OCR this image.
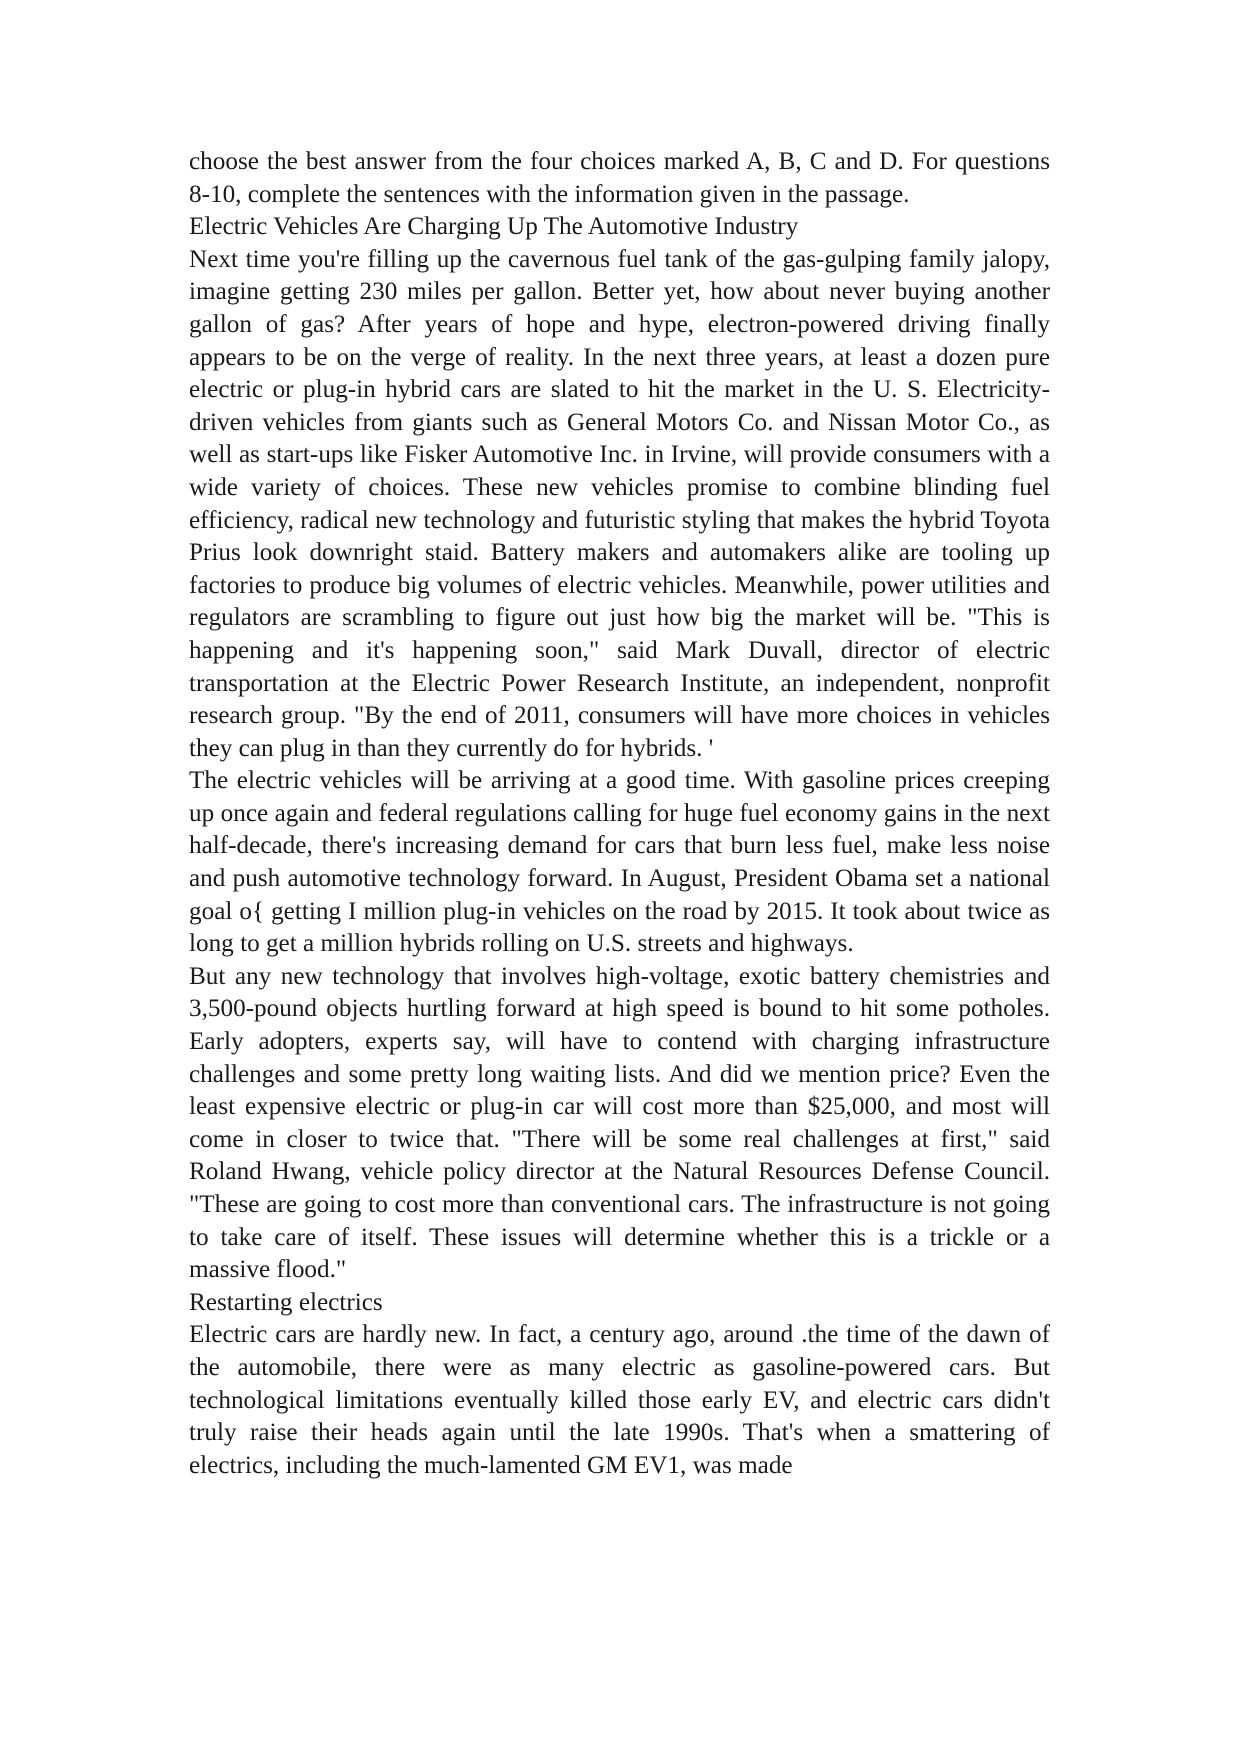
choose the best answer from the four choices marked A, B, C and D. For questions 8-10, complete the sentences with the information given in the passage.

Electric Vehicles Are Charging Up The Automotive Industry

Next time you're filling up the cavernous fuel tank of the gas-gulping family jalopy, imagine getting 230 miles per gallon. Better yet, how about never buying another gallon of gas? After years of hope and hype, electron-powered driving finally appears to be on the verge of reality. In the next three years, at least a dozen pure electric or plug-in hybrid cars are slated to hit the market in the U. S. Electricity-driven vehicles from giants such as General Motors Co. and Nissan Motor Co., as well as start-ups like Fisker Automotive Inc. in Irvine, will provide consumers with a wide variety of choices. These new vehicles promise to combine blinding fuel efficiency, radical new technology and futuristic styling that makes the hybrid Toyota Prius look downright staid. Battery makers and automakers alike are tooling up factories to produce big volumes of electric vehicles. Meanwhile, power utilities and regulators are scrambling to figure out just how big the market will be. "This is happening and it's happening soon," said Mark Duvall, director of electric transportation at the Electric Power Research Institute, an independent, nonprofit research group. "By the end of 2011, consumers will have more choices in vehicles they can plug in than they currently do for hybrids. '

The electric vehicles will be arriving at a good time. With gasoline prices creeping up once again and federal regulations calling for huge fuel economy gains in the next half-decade, there's increasing demand for cars that burn less fuel, make less noise and push automotive technology forward. In August, President Obama set a national goal o{ getting I million plug-in vehicles on the road by 2015. It took about twice as long to get a million hybrids rolling on U.S. streets and highways.

But any new technology that involves high-voltage, exotic battery chemistries and 3,500-pound objects hurtling forward at high speed is bound to hit some potholes. Early adopters, experts say, will have to contend with charging infrastructure challenges and some pretty long waiting lists. And did we mention price? Even the least expensive electric or plug-in car will cost more than $25,000, and most will come in closer to twice that. "There will be some real challenges at first," said Roland Hwang, vehicle policy director at the Natural Resources Defense Council. "These are going to cost more than conventional cars. The infrastructure is not going to take care of itself. These issues will determine whether this is a trickle or a massive flood."

Restarting electrics

Electric cars are hardly new. In fact, a century ago, around .the time of the dawn of the automobile, there were as many electric as gasoline-powered cars. But technological limitations eventually killed those early EV, and electric cars didn't truly raise their heads again until the late 1990s. That's when a smattering of electrics, including the much-lamented GM EV1, was made
